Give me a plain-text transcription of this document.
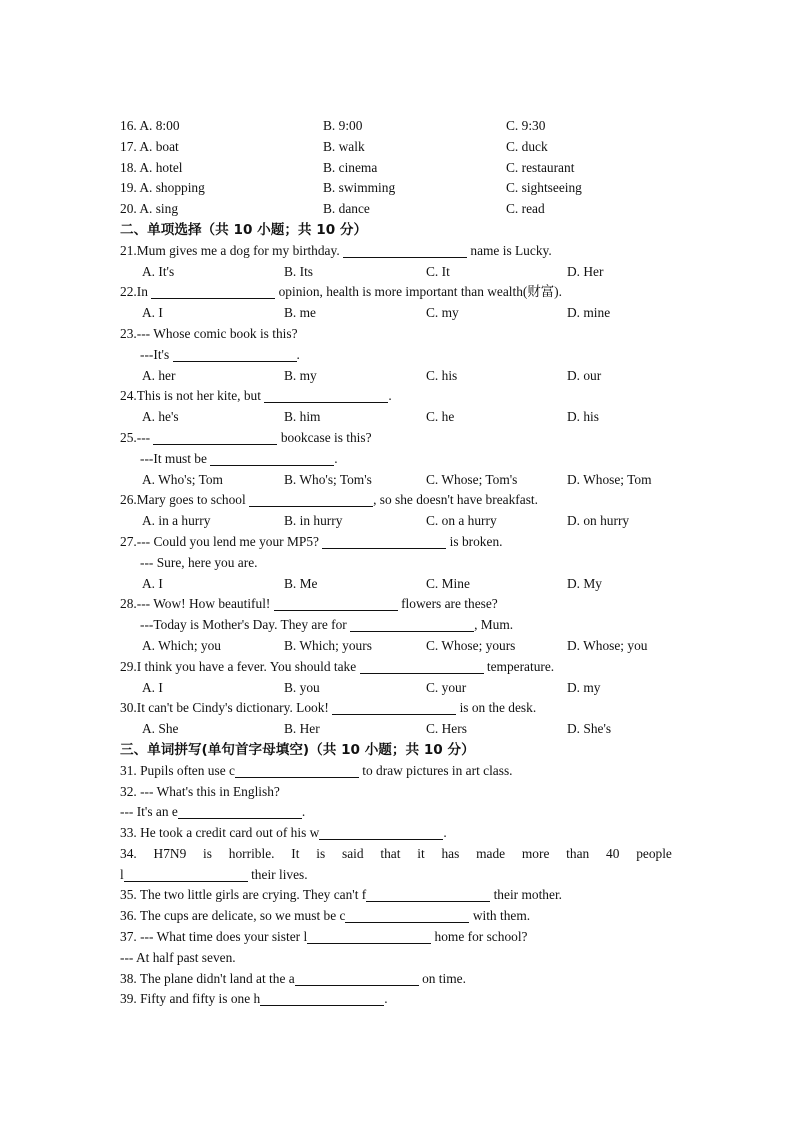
16. A. 8:00	B. 9:00	C. 9:30
17. A. boat	B. walk	C. duck
18. A. hotel	B. cinema	C. restaurant
19. A. shopping	B. swimming	C. sightseeing
20. A. sing	B. dance	C. read
二、单项选择（共 10 小题；共 10 分）
21.Mum gives me a dog for my birthday.	name is Lucky.
A. It's	B. Its	C. It	D. Her
22.In	opinion, health is more important than wealth(财富).
A. I	B. me	C. my	D. mine
23.--- Whose comic book is this?
---It's	.
A. her	B. my	C. his	D. our
24.This is not her kite, but	.
A. he's	B. him	C. he	D. his
25.---	bookcase is this?
---It must be	.
A. Who's; Tom	B. Who's; Tom's	C. Whose; Tom's	D. Whose; Tom
26.Mary goes to school	, so she doesn't have breakfast.
A. in a hurry	B. in hurry	C. on a hurry	D. on hurry
27.--- Could you lend me your MP5?	is broken.
--- Sure, here you are.
A. I	B. Me	C. Mine	D. My
28.--- Wow! How beautiful!	flowers are these?
---Today is Mother's Day. They are for	, Mum.
A. Which; you	B. Which; yours	C. Whose; yours	D. Whose; you
29.I think you have a fever. You should take	temperature.
A. I	B. you	C. your	D. my
30.It can't be Cindy's dictionary. Look!	is on the desk.
A. She	B. Her	C. Hers	D. She's
三、单词拼写(单句首字母填空)（共 10 小题；共 10 分）
31. Pupils often use c	to draw pictures in art class.
32. --- What's this in English?
--- It's an e	.
33. He took a credit card out of his w	.
34. H7N9 is horrible. It is said that it has made more than 40 people
l	their lives.
35. The two little girls are crying. They can't f	their mother.
36. The cups are delicate, so we must be c	with them.
37. --- What time does your sister l	home for school?
--- At half past seven.
38. The plane didn't land at the a	on time.
39. Fifty and fifty is one h	.
